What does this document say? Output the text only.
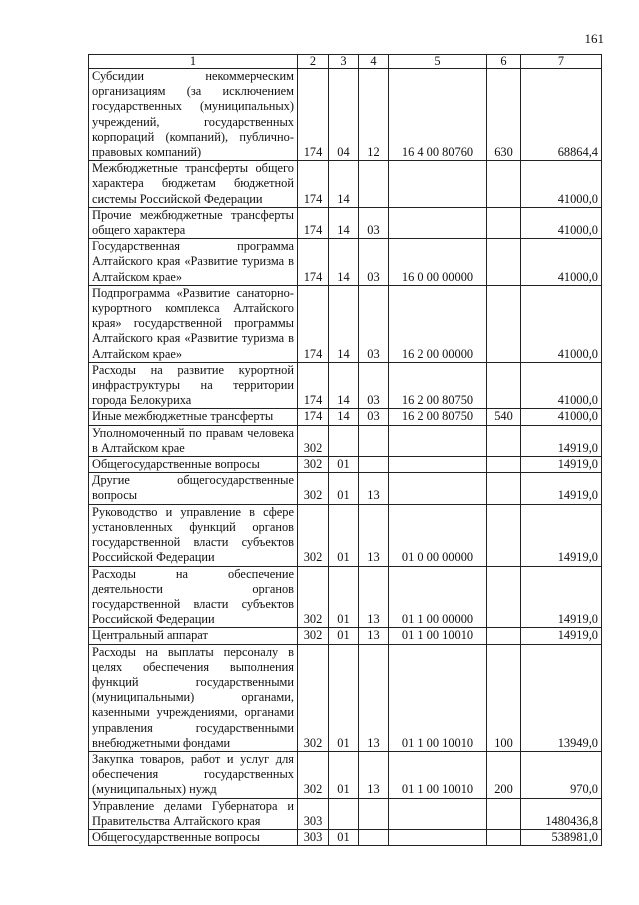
161
1	2	3	4	5	6	7
Субсидии некоммерческим организациям (за исключением государственных (муниципальных) учреждений, государственных корпораций (компаний), публично-правовых компаний)	174	04	12	16 4 00 80760	630	68864,4
Межбюджетные трансферты общего характера бюджетам бюджетной системы Российской Федерации	174	14				41000,0
Прочие межбюджетные трансферты общего характера	174	14	03			41000,0
Государственная программа Алтайского края «Развитие туризма в Алтайском крае»	174	14	03	16 0 00 00000		41000,0
Подпрограмма «Развитие санаторно-курортного комплекса Алтайского края» государственной программы Алтайского края «Развитие туризма в Алтайском крае»	174	14	03	16 2 00 00000		41000,0
Расходы на развитие курортной инфраструктуры на территории города Белокуриха	174	14	03	16 2 00 80750		41000,0
Иные межбюджетные трансферты	174	14	03	16 2 00 80750	540	41000,0
Уполномоченный по правам человека в Алтайском крае	302					14919,0
Общегосударственные вопросы	302	01				14919,0
Другие общегосударственные вопросы	302	01	13			14919,0
Руководство и управление в сфере установленных функций органов государственной власти субъектов Российской Федерации	302	01	13	01 0 00 00000		14919,0
Расходы на обеспечение деятельности органов государственной власти субъектов Российской Федерации	302	01	13	01 1 00 00000		14919,0
Центральный аппарат	302	01	13	01 1 00 10010		14919,0
Расходы на выплаты персоналу в целях обеспечения выполнения функций государственными (муниципальными) органами, казенными учреждениями, органами управления государственными внебюджетными фондами	302	01	13	01 1 00 10010	100	13949,0
Закупка товаров, работ и услуг для обеспечения государственных (муниципальных) нужд	302	01	13	01 1 00 10010	200	970,0
Управление делами Губернатора и Правительства Алтайского края	303					1480436,8
Общегосударственные вопросы	303	01				538981,0
